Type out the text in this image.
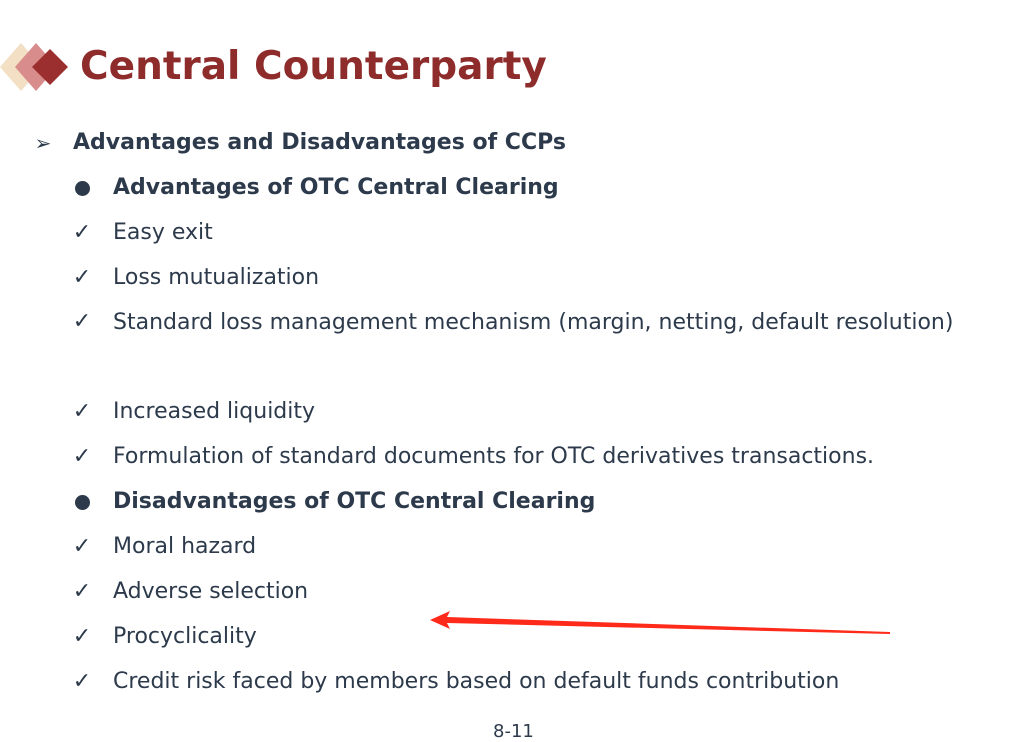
Central Counterparty
➢ Advantages and Disadvantages of CCPs
Advantages of OTC Central Clearing
✓ Easy exit
✓ Loss mutualization
✓ Standard loss management mechanism (margin, netting, default resolution)
✓ Increased liquidity
✓ Formulation of standard documents for OTC derivatives transactions.
Disadvantages of OTC Central Clearing
✓ Moral hazard
✓ Adverse selection
✓ Procyclicality
✓ Credit risk faced by members based on default funds contribution
8-11
